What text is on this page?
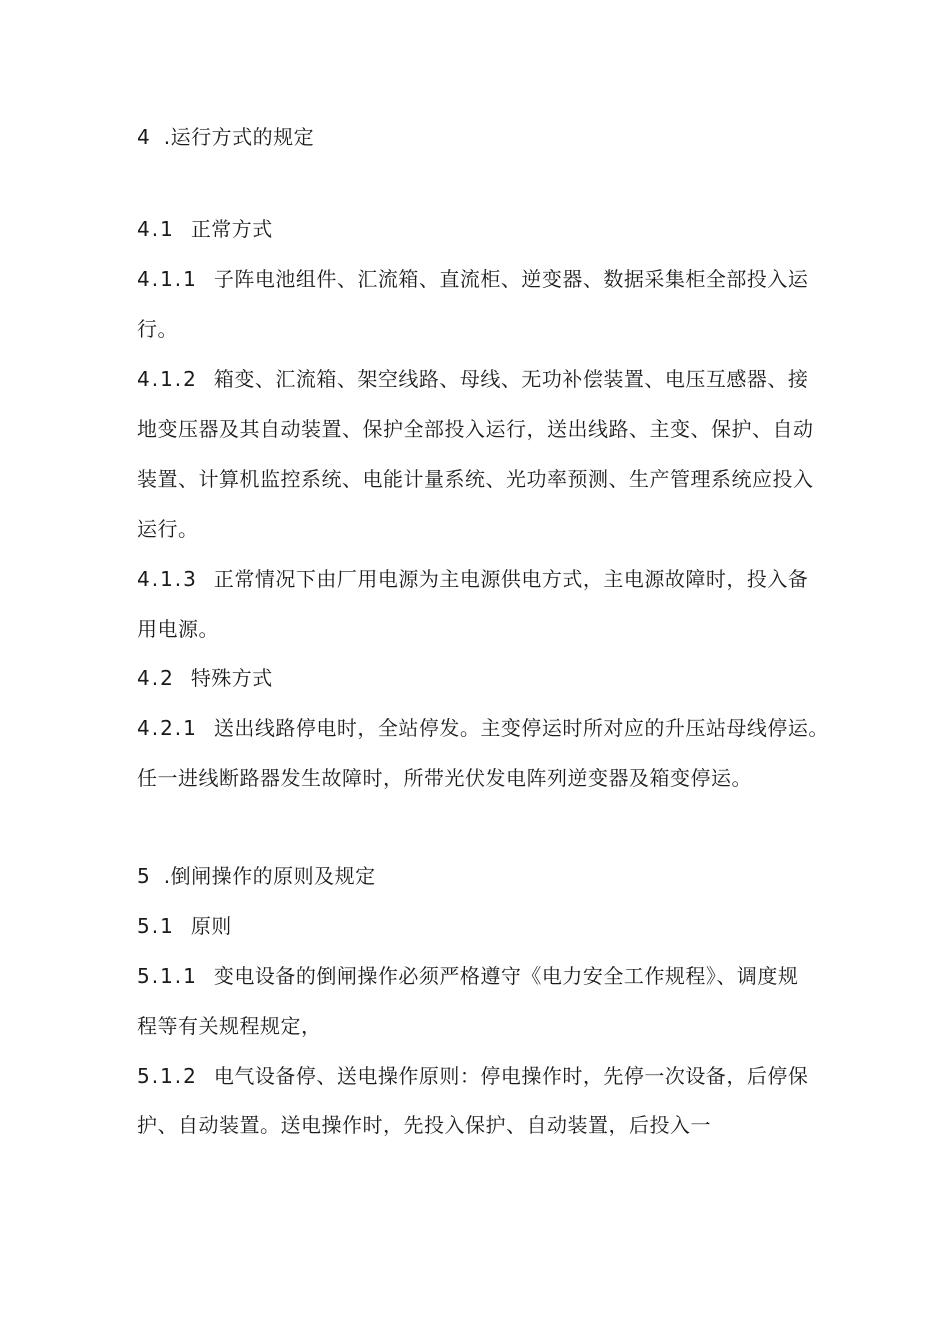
4 .运行方式的规定
4.1 正常方式
4.1.1 子阵电池组件、汇流箱、直流柜、逆变器、数据采集柜全部投入运
行。
4.1.2 箱变、汇流箱、架空线路、母线、无功补偿装置、电压互感器、接
地变压器及其自动装置、保护全部投入运行，送出线路、主变、保护、自动
装置、计算机监控系统、电能计量系统、光功率预测、生产管理系统应投入
运行。
4.1.3 正常情况下由厂用电源为主电源供电方式，主电源故障时，投入备
用电源。
4.2 特殊方式
4.2.1 送出线路停电时，全站停发。主变停运时所对应的升压站母线停运。
任一进线断路器发生故障时，所带光伏发电阵列逆变器及箱变停运。
5 .倒闸操作的原则及规定
5.1 原则
5.1.1 变电设备的倒闸操作必须严格遵守《电力安全工作规程》、调度规
程等有关规程规定，
5.1.2 电气设备停、送电操作原则：停电操作时，先停一次设备，后停保
护、自动装置。送电操作时，先投入保护、自动装置，后投入一
